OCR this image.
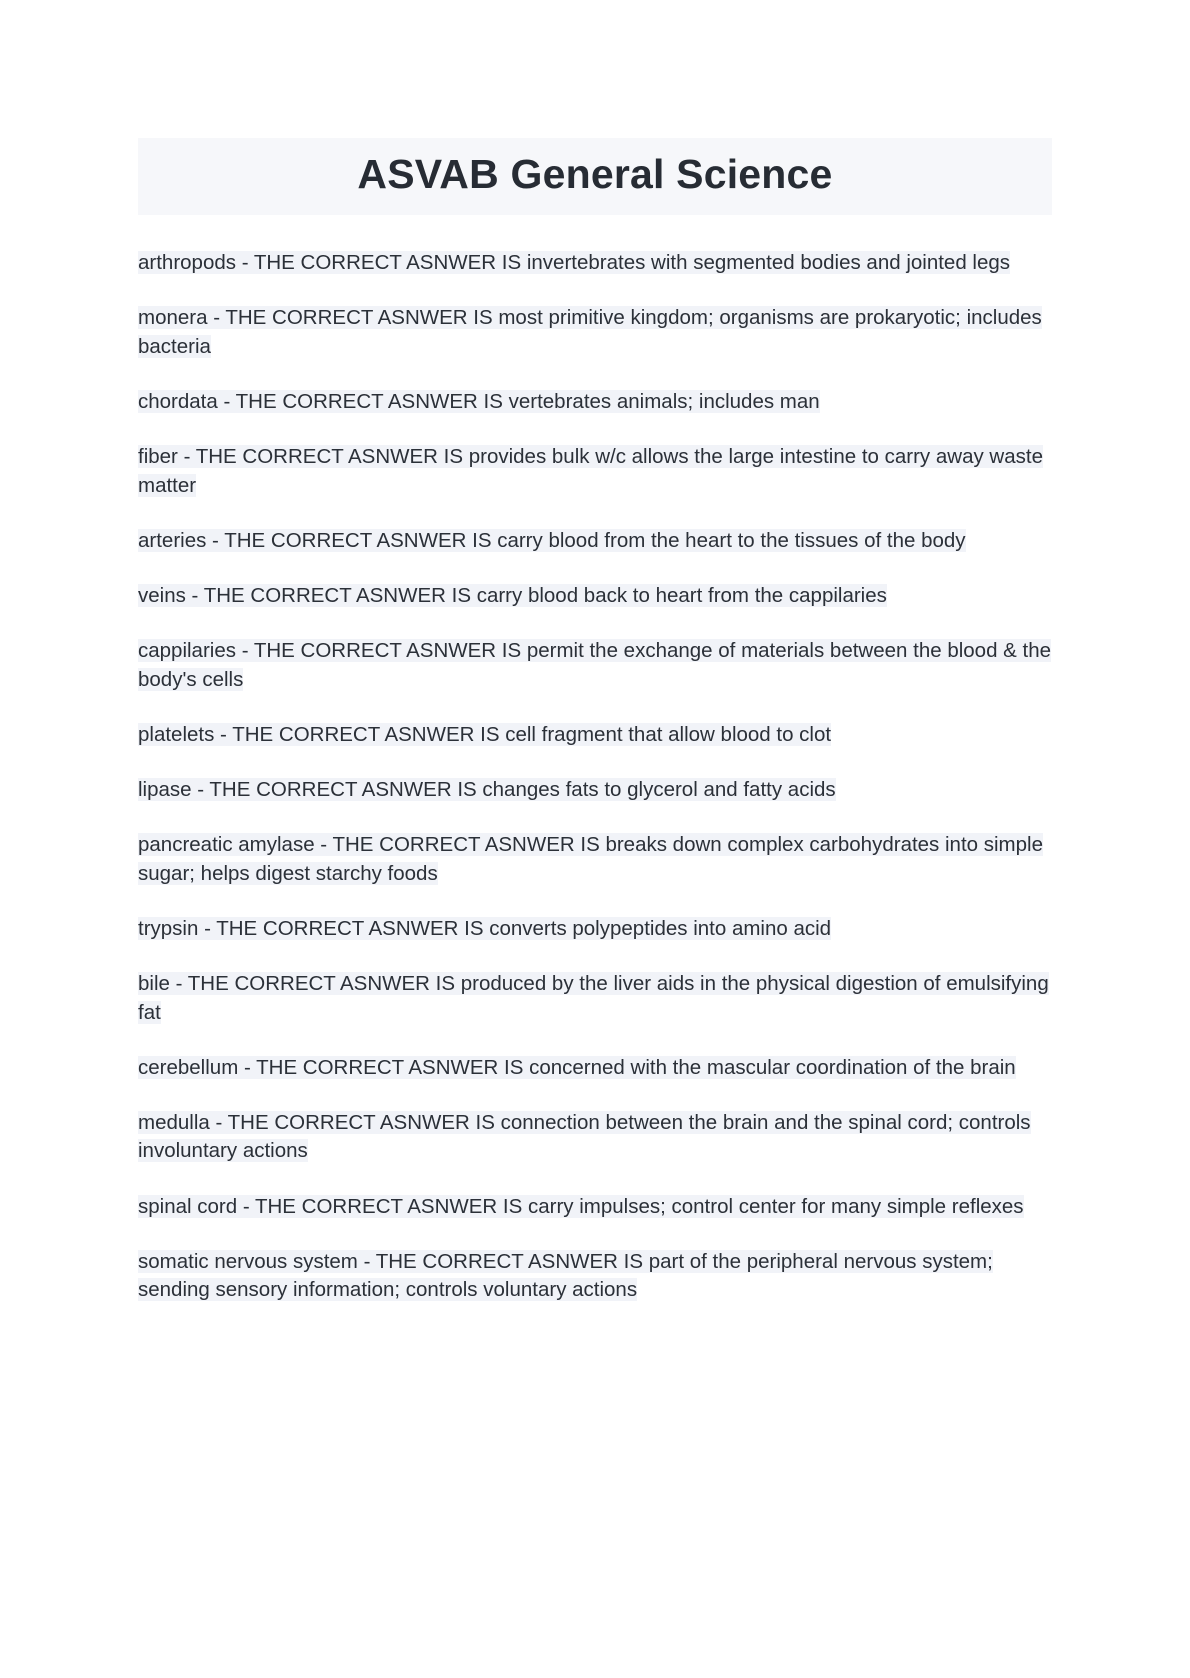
ASVAB General Science

arthropods - THE CORRECT ASNWER IS invertebrates with segmented bodies and jointed legs

monera - THE CORRECT ASNWER IS most primitive kingdom; organisms are prokaryotic; includes bacteria

chordata - THE CORRECT ASNWER IS vertebrates animals; includes man

fiber - THE CORRECT ASNWER IS provides bulk w/c allows the large intestine to carry away waste matter

arteries - THE CORRECT ASNWER IS carry blood from the heart to the tissues of the body

veins - THE CORRECT ASNWER IS carry blood back to heart from the cappilaries

cappilaries - THE CORRECT ASNWER IS permit the exchange of materials between the blood & the body's cells

platelets - THE CORRECT ASNWER IS cell fragment that allow blood to clot

lipase - THE CORRECT ASNWER IS changes fats to glycerol and fatty acids

pancreatic amylase - THE CORRECT ASNWER IS breaks down complex carbohydrates into simple sugar; helps digest starchy foods

trypsin - THE CORRECT ASNWER IS converts polypeptides into amino acid

bile - THE CORRECT ASNWER IS produced by the liver aids in the physical digestion of emulsifying fat

cerebellum - THE CORRECT ASNWER IS concerned with the mascular coordination of the brain

medulla - THE CORRECT ASNWER IS connection between the brain and the spinal cord; controls involuntary actions

spinal cord - THE CORRECT ASNWER IS carry impulses; control center for many simple reflexes

somatic nervous system - THE CORRECT ASNWER IS part of the peripheral nervous system; sending sensory information; controls voluntary actions
